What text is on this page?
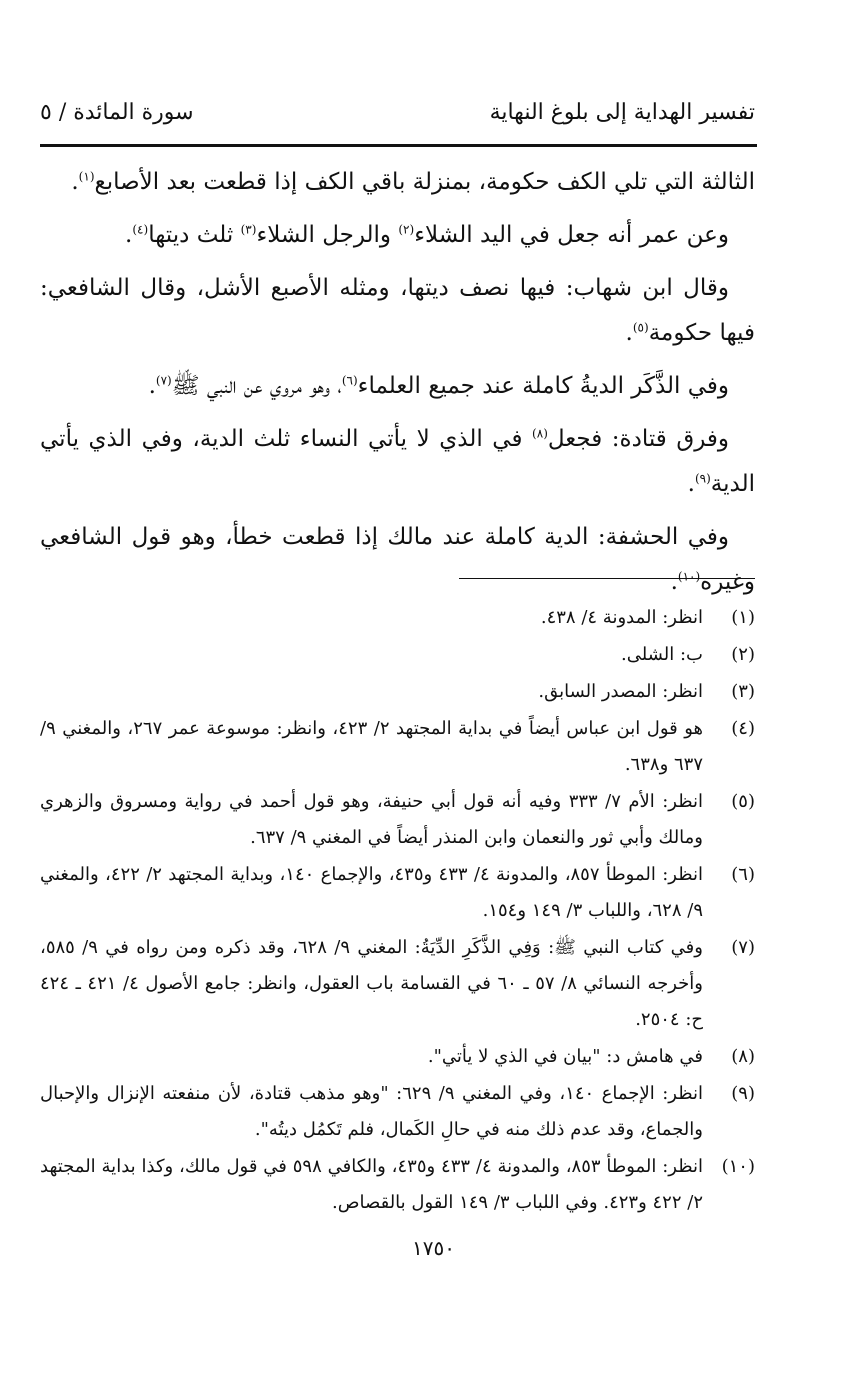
تفسير الهداية إلى بلوغ النهاية
سورة المائدة / ٥

الثالثة التي تلي الكف حكومة، بمنزلة باقي الكف إذا قطعت بعد الأصابع$^{(١)}$.

وعن عمر أنه جعل في اليد الشلاء$^{(٢)}$ والرجل الشلاء$^{(٣)}$ ثلث ديتها$^{(٤)}$.

وقال ابن شهاب: فيها نصف ديتها، ومثله الأصبع الأشل، وقال الشافعي: فيها حكومة$^{(٥)}$.

وفي الذَّكَر الديةُ كاملة عند جميع العلماء$^{(٦)}$، وهو مروي عن النبي ﷺ$^{(٧)}$.

وفرق قتادة: فجعل$^{(٨)}$ في الذي لا يأتي النساء ثلث الدية، وفي الذي يأتي الدية$^{(٩)}$.

وفي الحشفة: الدية كاملة عند مالك إذا قطعت خطأ، وهو قول الشافعي وغيره$^{(١٠)}$.

(١)
انظر: المدونة ٤/ ٤٣٨.
(٢)
ب: الشلى.
(٣)
انظر: المصدر السابق.
(٤)
هو قول ابن عباس أيضاً في بداية المجتهد ٢/ ٤٢٣، وانظر: موسوعة عمر ٢٦٧، والمغني ٩/ ٦٣٧ و٦٣٨.
(٥)
انظر: الأم ٧/ ٣٣٣ وفيه أنه قول أبي حنيفة، وهو قول أحمد في رواية ومسروق والزهري ومالك وأبي ثور والنعمان وابن المنذر أيضاً في المغني ٩/ ٦٣٧.
(٦)
انظر: الموطأ ٨٥٧، والمدونة ٤/ ٤٣٣ و٤٣٥، والإجماع ١٤٠، وبداية المجتهد ٢/ ٤٢٢، والمغني ٩/ ٦٢٨، واللباب ٣/ ١٤٩ و١٥٤.
(٧)
وفي كتاب النبي ﷺ: وَفِي الذَّكَرِ الدِّيَةُ: المغني ٩/ ٦٢٨، وقد ذكره ومن رواه في ٩/ ٥٨٥، وأخرجه النسائي ٨/ ٥٧ ـ ٦٠ في القسامة باب العقول، وانظر: جامع الأصول ٤/ ٤٢١ ـ ٤٢٤ ح: ٢٥٠٤.
(٨)
في هامش د: "بيان في الذي لا يأتي".
(٩)
انظر: الإجماع ١٤٠، وفي المغني ٩/ ٦٢٩: "وهو مذهب قتادة، لأن منفعته الإنزال والإحبال والجماع، وقد عدم ذلك منه في حالِ الكَمال، فلم تَكمُل ديتُه".
(١٠)
انظر: الموطأ ٨٥٣، والمدونة ٤/ ٤٣٣ و٤٣٥، والكافي ٥٩٨ في قول مالك، وكذا بداية المجتهد ٢/ ٤٢٢ و٤٢٣. وفي اللباب ٣/ ١٤٩ القول بالقصاص.
١٧٥٠
